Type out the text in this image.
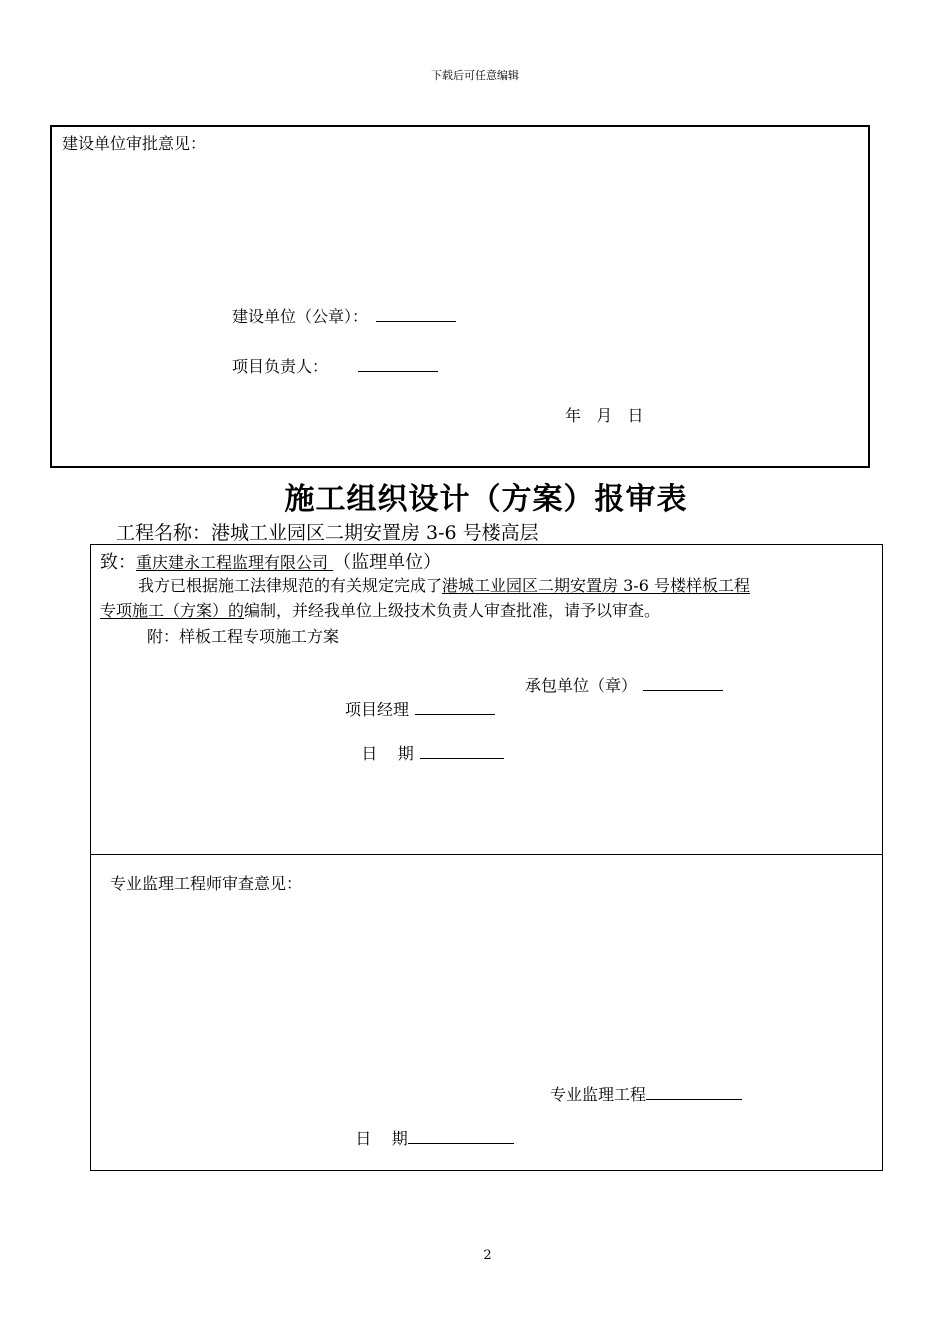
下载后可任意编辑
建设单位审批意见：
建设单位（公章）：
项目负责人：
年   月   日
施工组织设计（方案）报审表
工程名称：港城工业园区二期安置房 3-6 号楼高层
致：重庆建永工程监理有限公司 （监理单位）
我方已根据施工法律规范的有关规定完成了港城工业园区二期安置房 3-6 号楼样板工程
专项施工（方案）的编制，并经我单位上级技术负责人审查批准，请予以审查。
附：样板工程专项施工方案
承包单位（章）
项目经理

日    期

专业监理工程师审查意见：
专业监理工程

日    期

2
